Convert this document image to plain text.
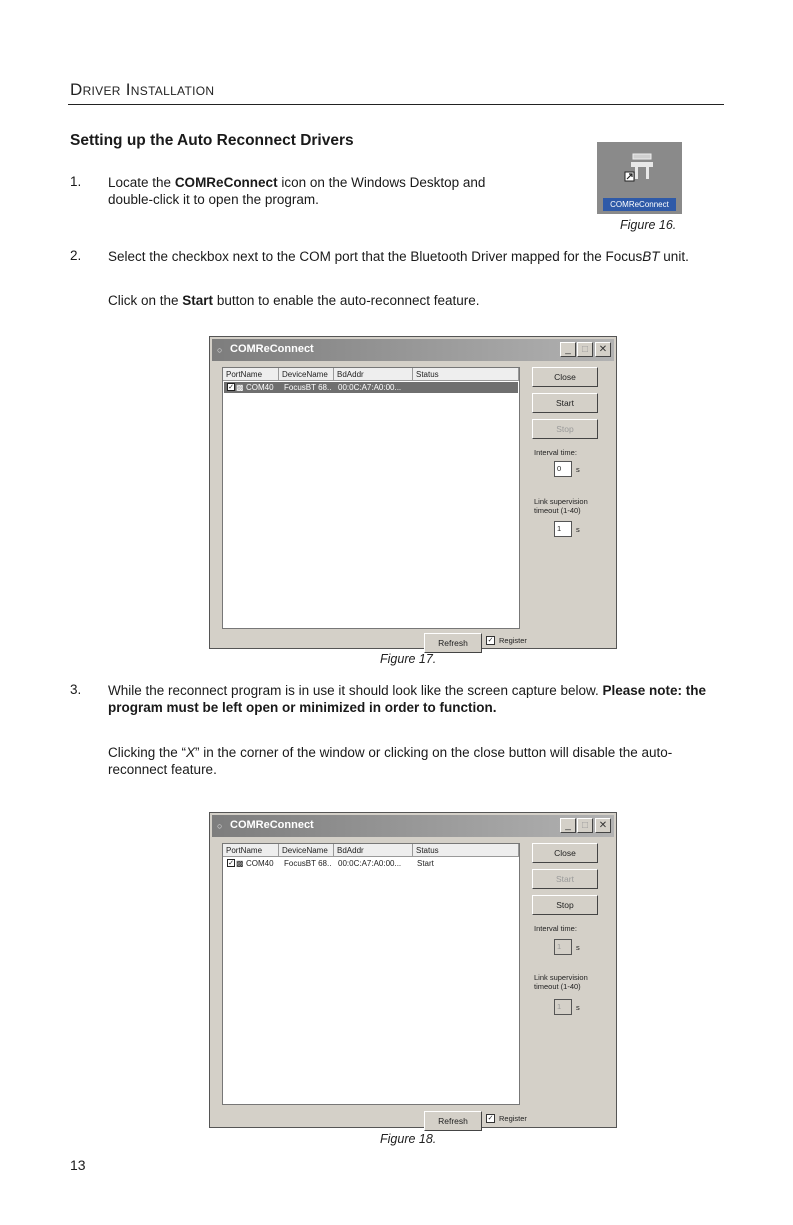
Driver Installation
Setting up the Auto Reconnect Drivers
1. Locate the COMReConnect icon on the Windows Desktop and double-click it to open the program.	COMReConnect
Figure 16.
2. Select the checkbox next to the COM port that the Bluetooth Driver mapped for the FocusBT unit.
Click on the Start button to enable the auto-reconnect feature.
○ COMReConnect	_	□	✕
PortName	DeviceName	BdAddr	Status
✓ ▩ COM40 FocusBT 68.. 00:0C:A7:A0:00...
Close
Start
Stop
Interval time:
0	s
Link supervision
timeout (1-40)
1	s
Refresh	✓ Register
Figure 17.
3. While the reconnect program is in use it should look like the screen capture below. Please note: the program must be left open or minimized in order to function.
Clicking the “X” in the corner of the window or clicking on the close button will disable the auto-reconnect feature.
○ COMReConnect	_	□	✕
PortName	DeviceName	BdAddr	Status
✓ ▩ COM40 FocusBT 68.. 00:0C:A7:A0:00... Start
Close
Start
Stop
Interval time:
1	s
Link supervision
timeout (1-40)
1	s
Refresh	✓ Register
Figure 18.
13
